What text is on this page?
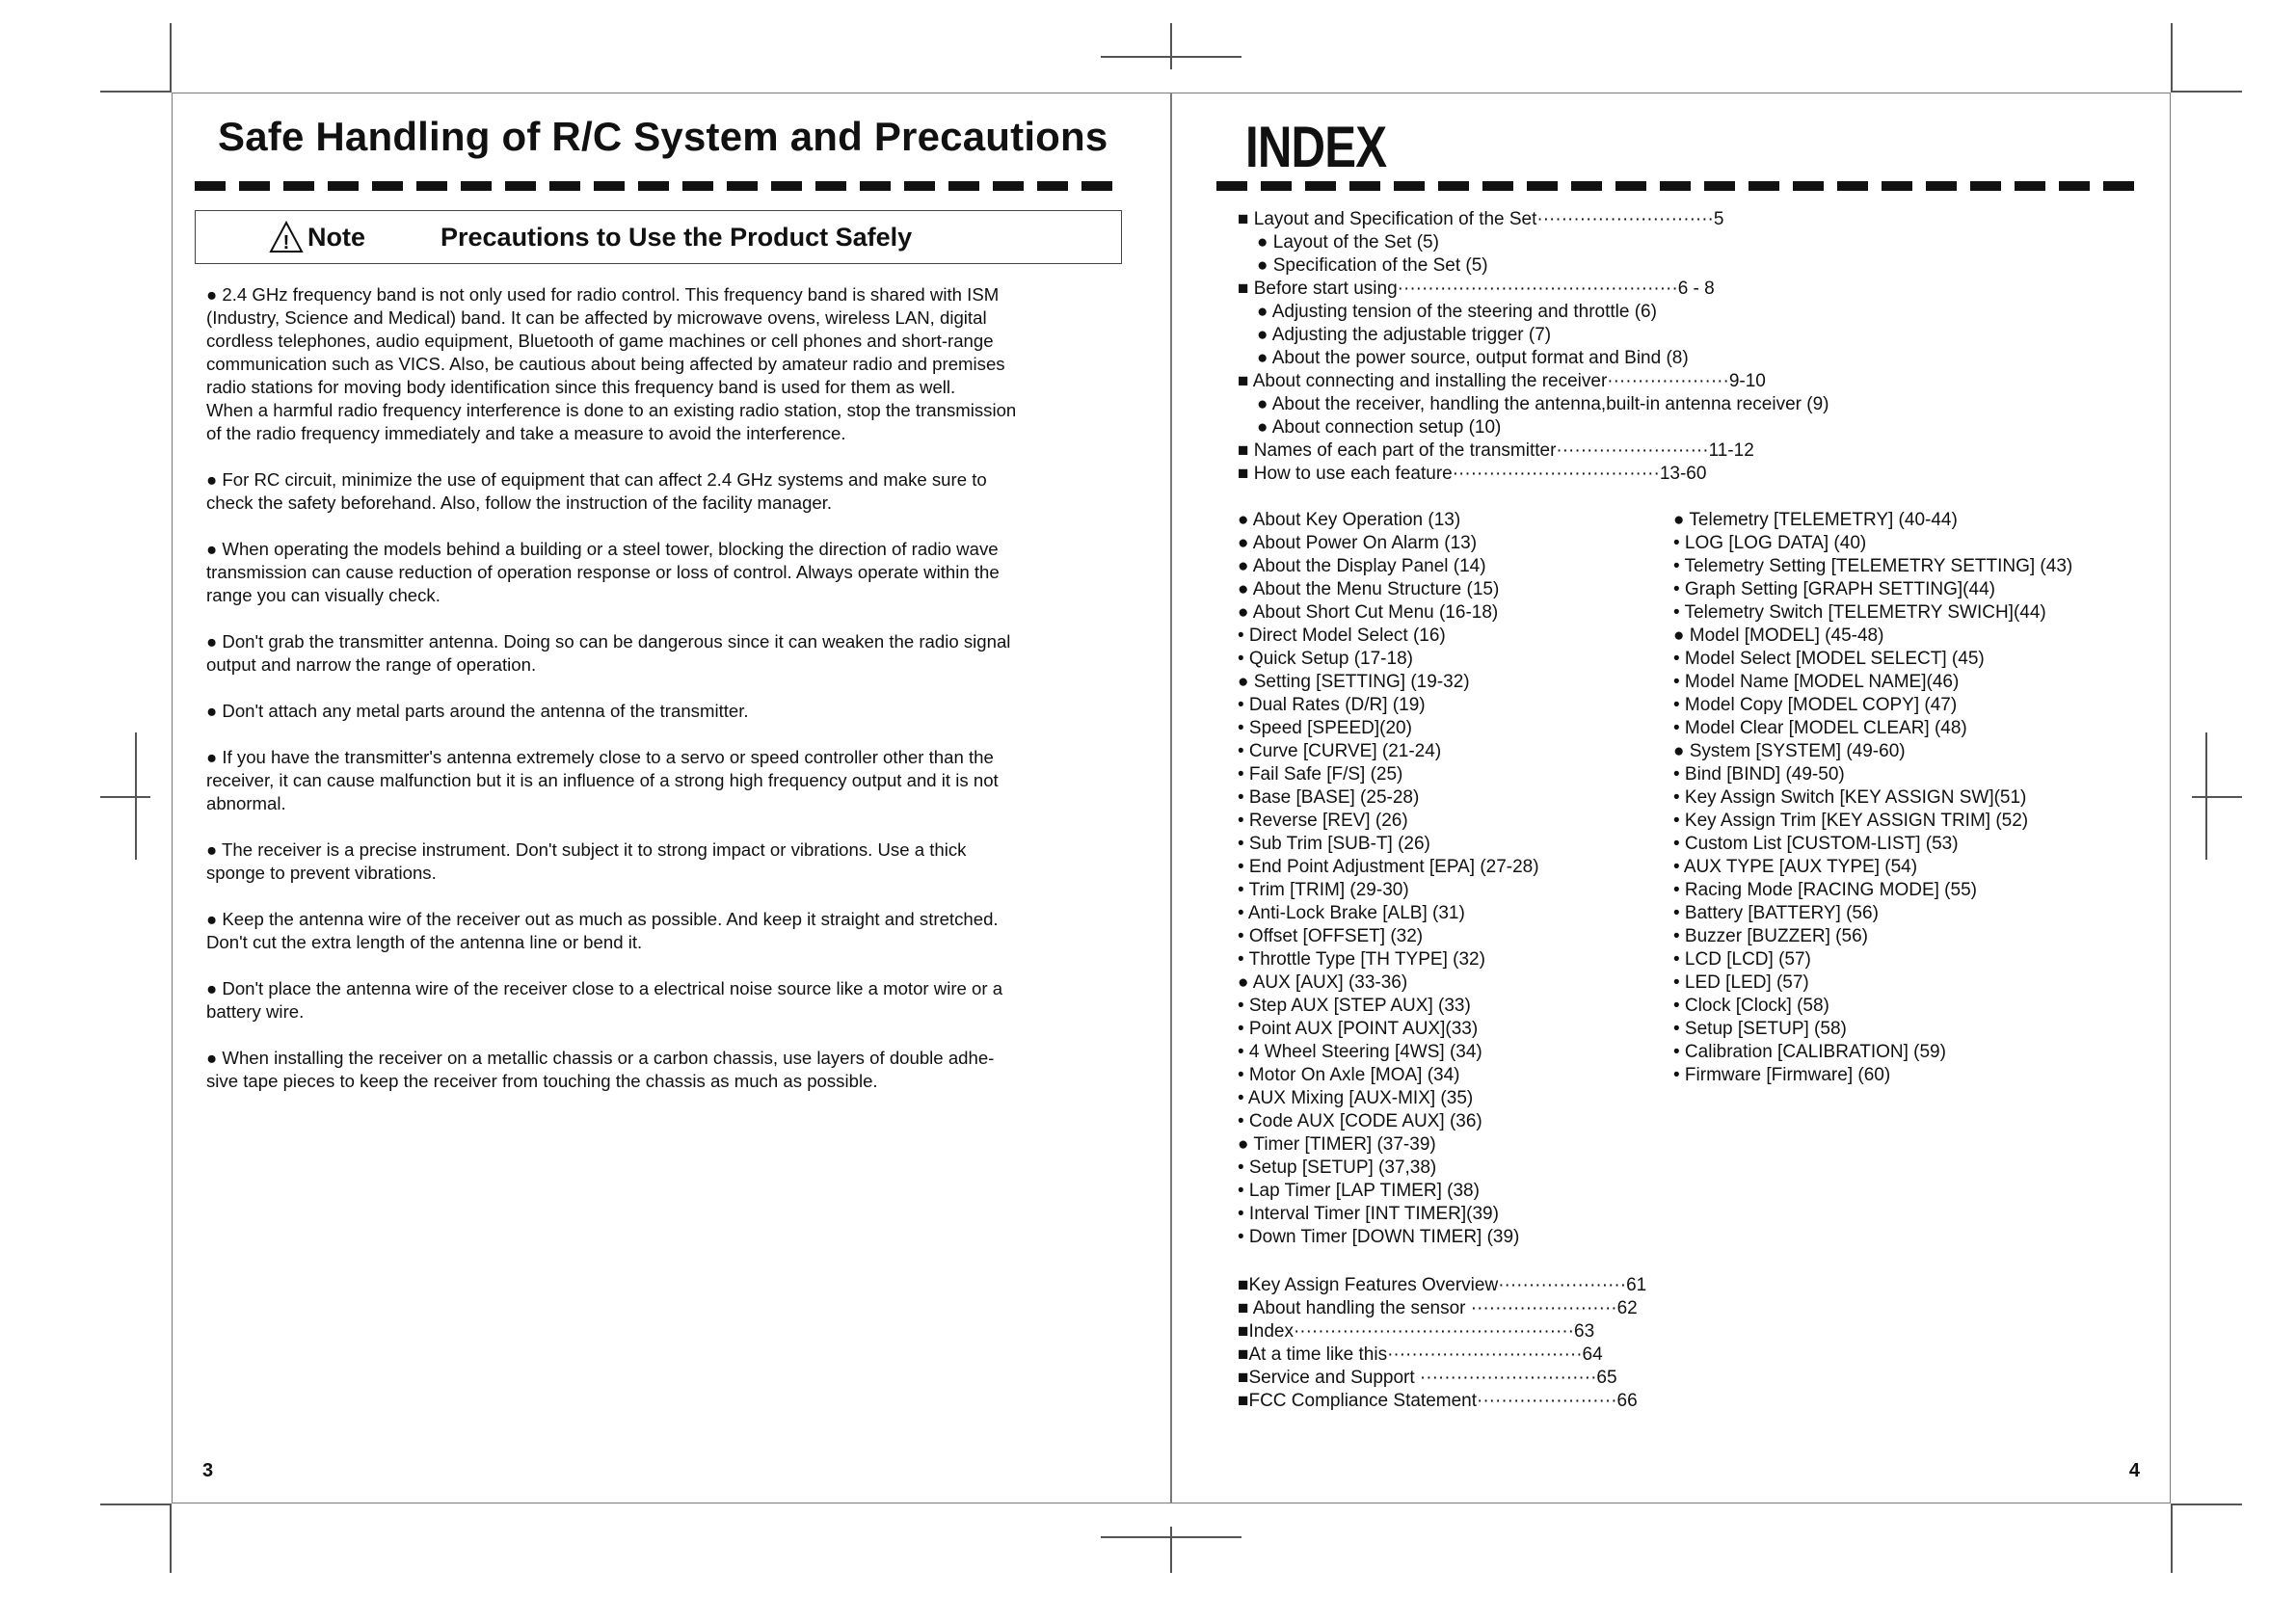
Safe Handling of R/C System and Precautions
! Note	Precautions to Use the Product Safely

● 2.4 GHz frequency band is not only used for radio control. This frequency band is shared with ISM
(Industry, Science and Medical) band. It can be affected by microwave ovens, wireless LAN, digital
cordless telephones, audio equipment, Bluetooth of game machines or cell phones and short-range
communication such as VICS. Also, be cautious about being affected by amateur radio and premises
radio stations for moving body identification since this frequency band is used for them as well.
When a harmful radio frequency interference is done to an existing radio station, stop the transmission
of the radio frequency immediately and take a measure to avoid the interference.

● For RC circuit, minimize the use of equipment that can affect 2.4 GHz systems and make sure to
check the safety beforehand. Also, follow the instruction of the facility manager.

● When operating the models behind a building or a steel tower, blocking the direction of radio wave
transmission can cause reduction of operation response or loss of control. Always operate within the
range you can visually check.

● Don't grab the transmitter antenna. Doing so can be dangerous since it can weaken the radio signal
output and narrow the range of operation.

● Don't attach any metal parts around the antenna of the transmitter.

● If you have the transmitter's antenna extremely close to a servo or speed controller other than the
receiver, it can cause malfunction but it is an influence of a strong high frequency output and it is not
abnormal.

● The receiver is a precise instrument. Don't subject it to strong impact or vibrations. Use a thick
sponge to prevent vibrations.

● Keep the antenna wire of the receiver out as much as possible. And keep it straight and stretched.
Don't cut the extra length of the antenna line or bend it.

● Don't place the antenna wire of the receiver close to a electrical noise source like a motor wire or a
battery wire.

● When installing the receiver on a metallic chassis or a carbon chassis, use layers of double adhe-
sive tape pieces to keep the receiver from touching the chassis as much as possible.

3
INDEX
■ Layout and Specification of the Set·····························5
● Layout of the Set (5)
● Specification of the Set (5)
■ Before start using··············································6 - 8
● Adjusting tension of the steering and throttle (6)
● Adjusting the adjustable trigger (7)
● About the power source, output format and Bind (8)
■ About connecting and installing the receiver····················9-10
● About the receiver, handling the antenna,built-in antenna receiver (9)
● About connection setup (10)
■ Names of each part of the transmitter·························11-12
■ How to use each feature··································13-60
● About Key Operation (13)
● About Power On Alarm (13)
● About the Display Panel (14)
● About the Menu Structure (15)
● About Short Cut Menu (16-18)
• Direct Model Select (16)
• Quick Setup (17-18)
● Setting [SETTING] (19-32)
• Dual Rates (D/R] (19)
• Speed [SPEED](20)
• Curve [CURVE] (21-24)
• Fail Safe [F/S] (25)
• Base [BASE] (25-28)
• Reverse [REV] (26)
• Sub Trim [SUB-T] (26)
• End Point Adjustment [EPA] (27-28)
• Trim [TRIM] (29-30)
• Anti-Lock Brake [ALB] (31)
• Offset [OFFSET] (32)
• Throttle Type [TH TYPE] (32)
● AUX [AUX] (33-36)
• Step AUX [STEP AUX] (33)
• Point AUX [POINT AUX](33)
• 4 Wheel Steering [4WS] (34)
• Motor On Axle [MOA] (34)
• AUX Mixing [AUX-MIX] (35)
• Code AUX [CODE AUX] (36)
● Timer [TIMER] (37-39)
• Setup [SETUP] (37,38)
• Lap Timer [LAP TIMER] (38)
• Interval Timer [INT TIMER](39)
• Down Timer [DOWN TIMER] (39)
● Telemetry [TELEMETRY] (40-44)
• LOG [LOG DATA] (40)
• Telemetry Setting [TELEMETRY SETTING] (43)
• Graph Setting [GRAPH SETTING](44)
• Telemetry Switch [TELEMETRY SWICH](44)
● Model [MODEL] (45-48)
• Model Select [MODEL SELECT] (45)
• Model Name [MODEL NAME](46)
• Model Copy [MODEL COPY] (47)
• Model Clear [MODEL CLEAR] (48)
● System [SYSTEM] (49-60)
• Bind [BIND] (49-50)
• Key Assign Switch [KEY ASSIGN SW](51)
• Key Assign Trim [KEY ASSIGN TRIM] (52)
• Custom List [CUSTOM-LIST] (53)
• AUX TYPE [AUX TYPE] (54)
• Racing Mode [RACING MODE] (55)
• Battery [BATTERY] (56)
• Buzzer [BUZZER] (56)
• LCD [LCD] (57)
• LED [LED] (57)
• Clock [Clock] (58)
• Setup [SETUP] (58)
• Calibration [CALIBRATION] (59)
• Firmware [Firmware] (60)
■Key Assign Features Overview·····················61
■ About handling the sensor ························62
■Index··············································63
■At a time like this································64
■Service and Support ·····························65
■FCC Compliance Statement·······················66
4
